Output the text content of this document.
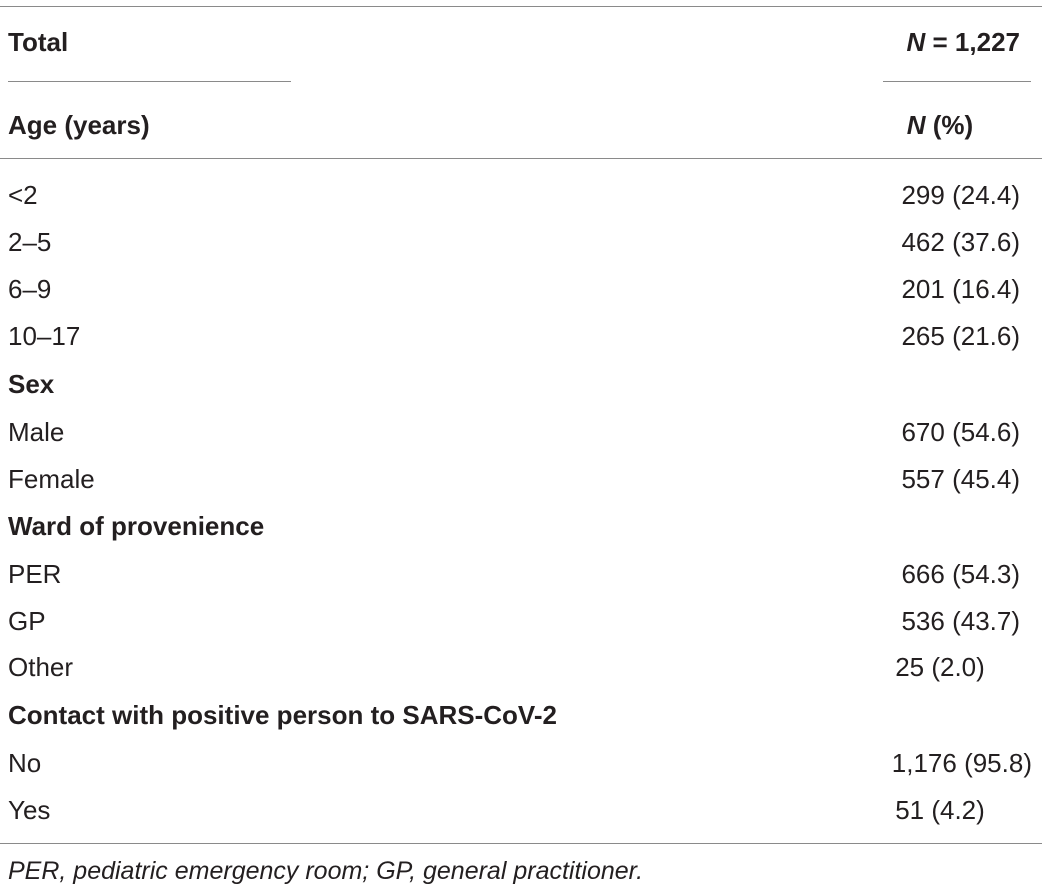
Total	N = 1,227
Age (years)	N (%)
<2	299 (24.4)
2–5	462 (37.6)
6–9	201 (16.4)
10–17	265 (21.6)
Sex
Male	670 (54.6)
Female	557 (45.4)
Ward of provenience
PER	666 (54.3)
GP	536 (43.7)
Other	25 (2.0)
Contact with positive person to SARS-CoV-2
No	1,176 (95.8)
Yes	51 (4.2)
PER, pediatric emergency room; GP, general practitioner.
